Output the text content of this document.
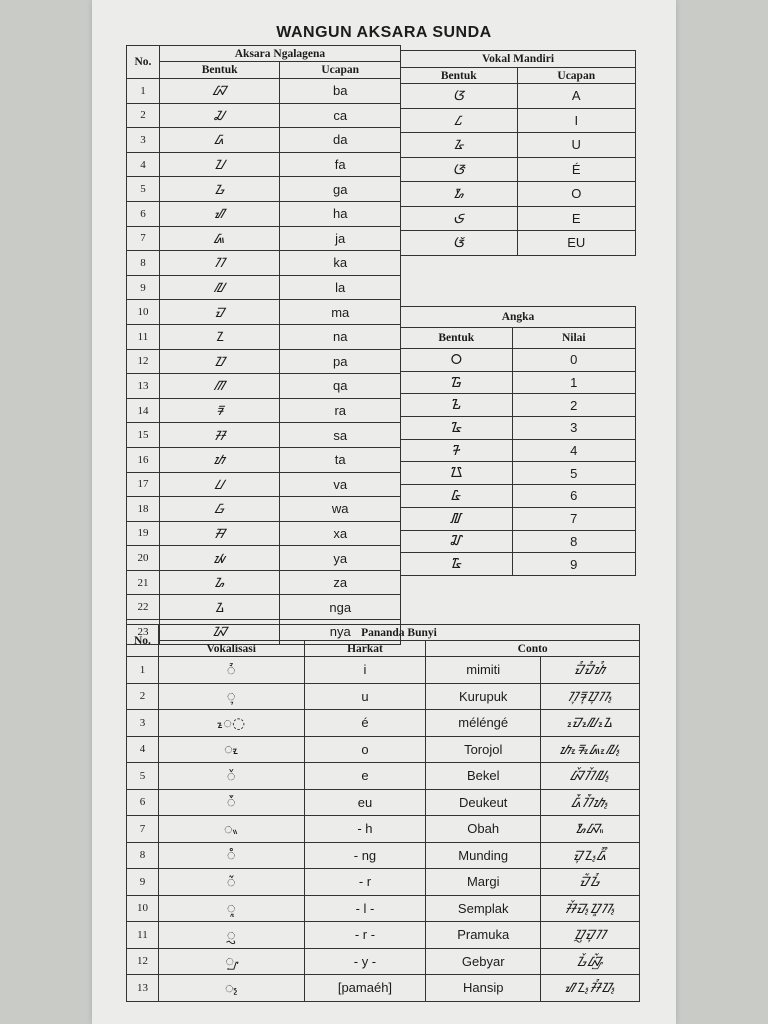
WANGUN AKSARA SUNDA
No.	Aksara Ngalagena	
	Bentuk	Ucapan
1	ᮘ	ba
2	ᮎ	ca
3	ᮓ	da
4	ᮖ	fa
5	ᮌ	ga
6	ᮠ	ha
7	ᮏ	ja
8	ᮊ	ka
9	ᮜ	la
10	ᮙ	ma
11	ᮔ	na
12	ᮕ	pa
13	ᮋ	qa
14	ᮛ	ra
15	ᮞ	sa
16	ᮒ	ta
17	ᮗ	va
18	ᮝ	wa
19	ᮟ	xa
20	ᮚ	ya
21	ᮐ	za
22	ᮍ	nga
23	ᮑ	nya
Vokal Mandiri	
Bentuk	Ucapan
ᮃ	A
ᮄ	I
ᮅ	U
ᮆ	É
ᮇ	O
ᮈ	E
ᮉ	EU
Angka	
Bentuk	Nilai
᮰	0
᮱	1
᮲	2
᮳	3
᮴	4
᮵	5
᮶	6
᮷	7
᮸	8
᮹	9
No.	Pananda Bunyi			
	Vokalisasi	Harkat	Conto	
1	◌ᮤ	i	mimiti	ᮙᮤᮙᮤᮒᮤ
2	◌ᮥ	u	Kurupuk	ᮊᮥᮛᮥᮕᮥᮊ᮪
3	ᮦ◌	é	méléngé	ᮙᮦᮜᮦᮍᮦ
4	◌ᮧ	o	Torojol	ᮒᮧᮛᮧᮏᮧᮜ᮪
5	◌ᮨ	e	Bekel	ᮘᮨᮊᮨᮜ᮪
6	◌ᮩ	eu	Deukeut	ᮓᮩᮊᮩᮒ᮪
7	◌ᮂ	- h	Obah	ᮇᮘᮂ
8	◌ᮀ	- ng	Munding	ᮙᮥᮔ᮪ᮓᮤᮀ
9	◌ᮁ	- r	Margi	ᮙᮁᮌᮤ
10	◌ᮣ	- l -	Semplak	ᮞᮨᮙ᮪ᮕᮣᮊ᮪
11	◌ᮢ	- r -	Pramuka	ᮕᮢᮙᮥᮊ
12	◌ᮡ	- y -	Gebyar	ᮌᮨᮘᮡᮁ
13	◌᮪	[pamaéh]	Hansip	ᮠᮔ᮪ᮞᮤᮕ᮪
